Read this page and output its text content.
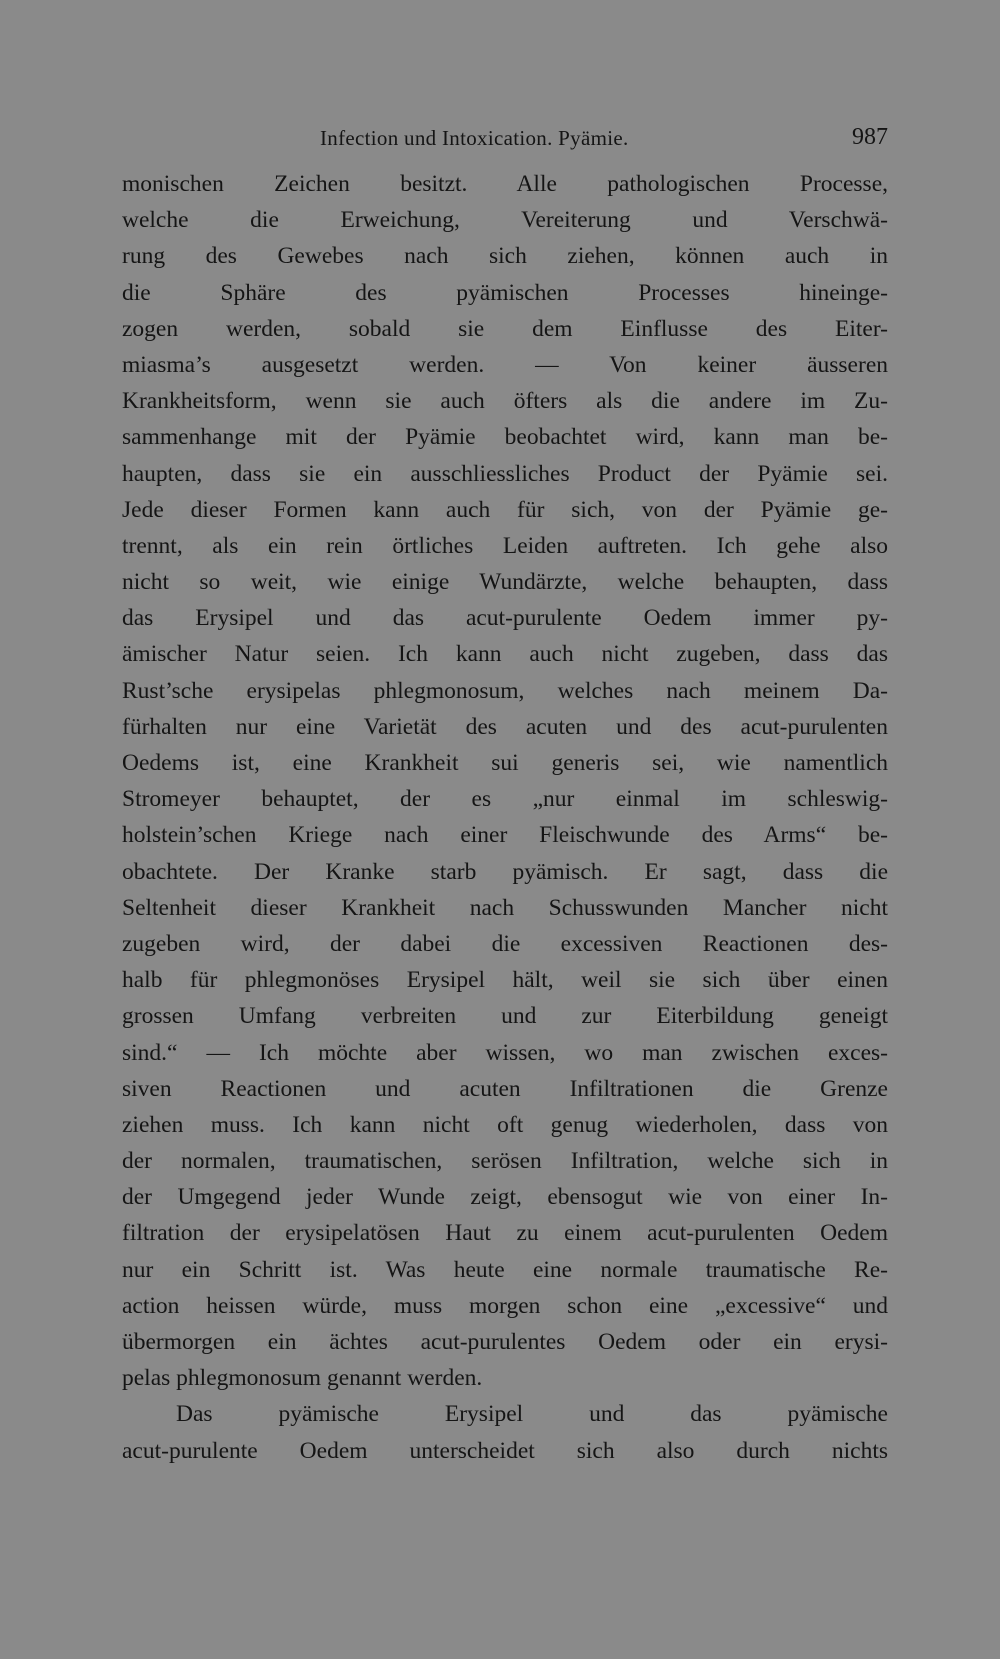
Infection und Intoxication. Pyämie.	987
monischen Zeichen besitzt. Alle pathologischen Processe,
welche die Erweichung, Vereiterung und Verschwä-
rung des Gewebes nach sich ziehen, können auch in
die Sphäre des pyämischen Processes hineinge-
zogen werden, sobald sie dem Einflusse des Eiter-
miasma’s ausgesetzt werden. — Von keiner äusseren
Krankheitsform, wenn sie auch öfters als die andere im Zu-
sammenhange mit der Pyämie beobachtet wird, kann man be-
haupten, dass sie ein ausschliessliches Product der Pyämie sei.
Jede dieser Formen kann auch für sich, von der Pyämie ge-
trennt, als ein rein örtliches Leiden auftreten. Ich gehe also
nicht so weit, wie einige Wundärzte, welche behaupten, dass
das Erysipel und das acut-purulente Oedem immer py-
ämischer Natur seien. Ich kann auch nicht zugeben, dass das
Rust’sche erysipelas phlegmonosum, welches nach meinem Da-
fürhalten nur eine Varietät des acuten und des acut-purulenten
Oedems ist, eine Krankheit sui generis sei, wie namentlich
Stromeyer behauptet, der es „nur einmal im schleswig-
holstein’schen Kriege nach einer Fleischwunde des Arms“ be-
obachtete. Der Kranke starb pyämisch. Er sagt, dass die
Seltenheit dieser Krankheit nach Schusswunden Mancher nicht
zugeben wird, der dabei die excessiven Reactionen des-
halb für phlegmonöses Erysipel hält, weil sie sich über einen
grossen Umfang verbreiten und zur Eiterbildung geneigt
sind.“ — Ich möchte aber wissen, wo man zwischen exces-
siven Reactionen und acuten Infiltrationen die Grenze
ziehen muss. Ich kann nicht oft genug wiederholen, dass von
der normalen, traumatischen, serösen Infiltration, welche sich in
der Umgegend jeder Wunde zeigt, ebensogut wie von einer In-
filtration der erysipelatösen Haut zu einem acut-purulenten Oedem
nur ein Schritt ist. Was heute eine normale traumatische Re-
action heissen würde, muss morgen schon eine „excessive“ und
übermorgen ein ächtes acut-purulentes Oedem oder ein erysi-
pelas phlegmonosum genannt werden.
Das pyämische Erysipel und das pyämische
acut-purulente Oedem unterscheidet sich also durch nichts
